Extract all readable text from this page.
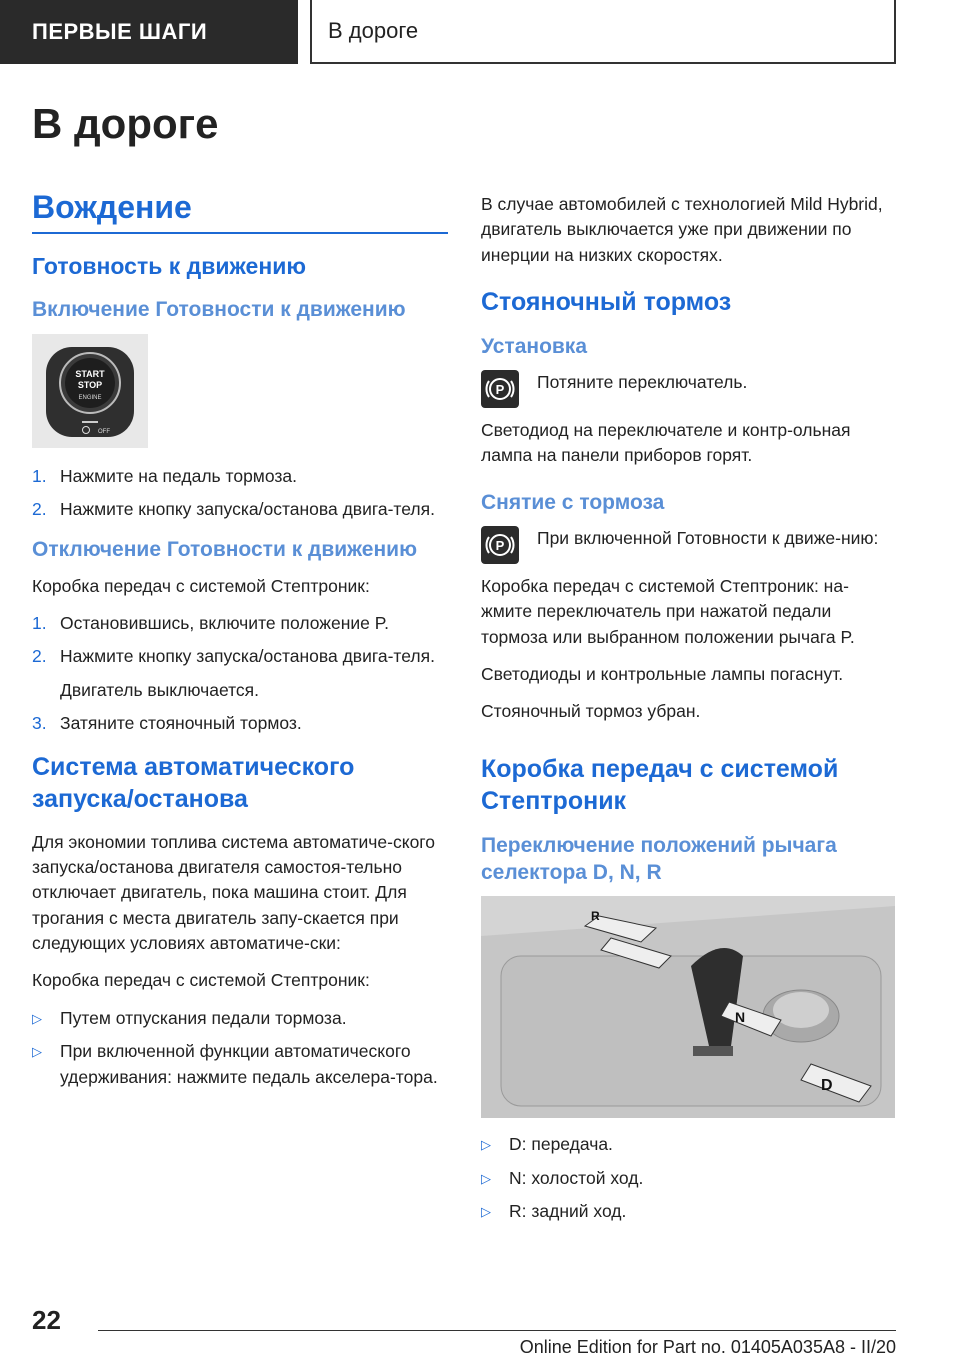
ПЕРВЫЕ ШАГИ	В дороге
В дороге
Вождение
Готовность к движению
Включение Готовности к движению
START
STOP
ENGINE
OFF
1. Нажмите на педаль тормоза.
2. Нажмите кнопку запуска/останова двига-теля.
Отключение Готовности к движению

Коробка передач с системой Стептроник:

1. Остановившись, включите положение P.
2. Нажмите кнопку запуска/останова двига-теля.
Двигатель выключается.
3. Затяните стояночный тормоз.
Система автоматического запуска/останова

Для экономии топлива система автоматиче-ского запуска/останова двигателя самостоя-тельно отключает двигатель, пока машина стоит. Для трогания с места двигатель запу-скается при следующих условиях автоматиче-ски:

Коробка передач с системой Стептроник:

▷	Путем отпускания педали тормоза.
▷	При включенной функции автоматического удерживания: нажмите педаль акселера-тора.

В случае автомобилей с технологией Mild Hybrid, двигатель выключается уже при движении по инерции на низких скоростях.

Стояночный тормоз
Установка
P Потяните переключатель.

Светодиод на переключателе и контр-ольная лампа на панели приборов горят.

Снятие с тормоза
P При включенной Готовности к движе-нию:

Коробка передач с системой Стептроник: на-жмите переключатель при нажатой педали тормоза или выбранном положении рычага P.

Светодиоды и контрольные лампы погаснут.

Стояночный тормоз убран.

Коробка передач с системой Стептроник
Переключение положений рычага селектора D, N, R
R
N
D
▷	D: передача.
▷	N: холостой ход.
▷	R: задний ход.

22

Online Edition for Part no. 01405A035A8 - II/20
